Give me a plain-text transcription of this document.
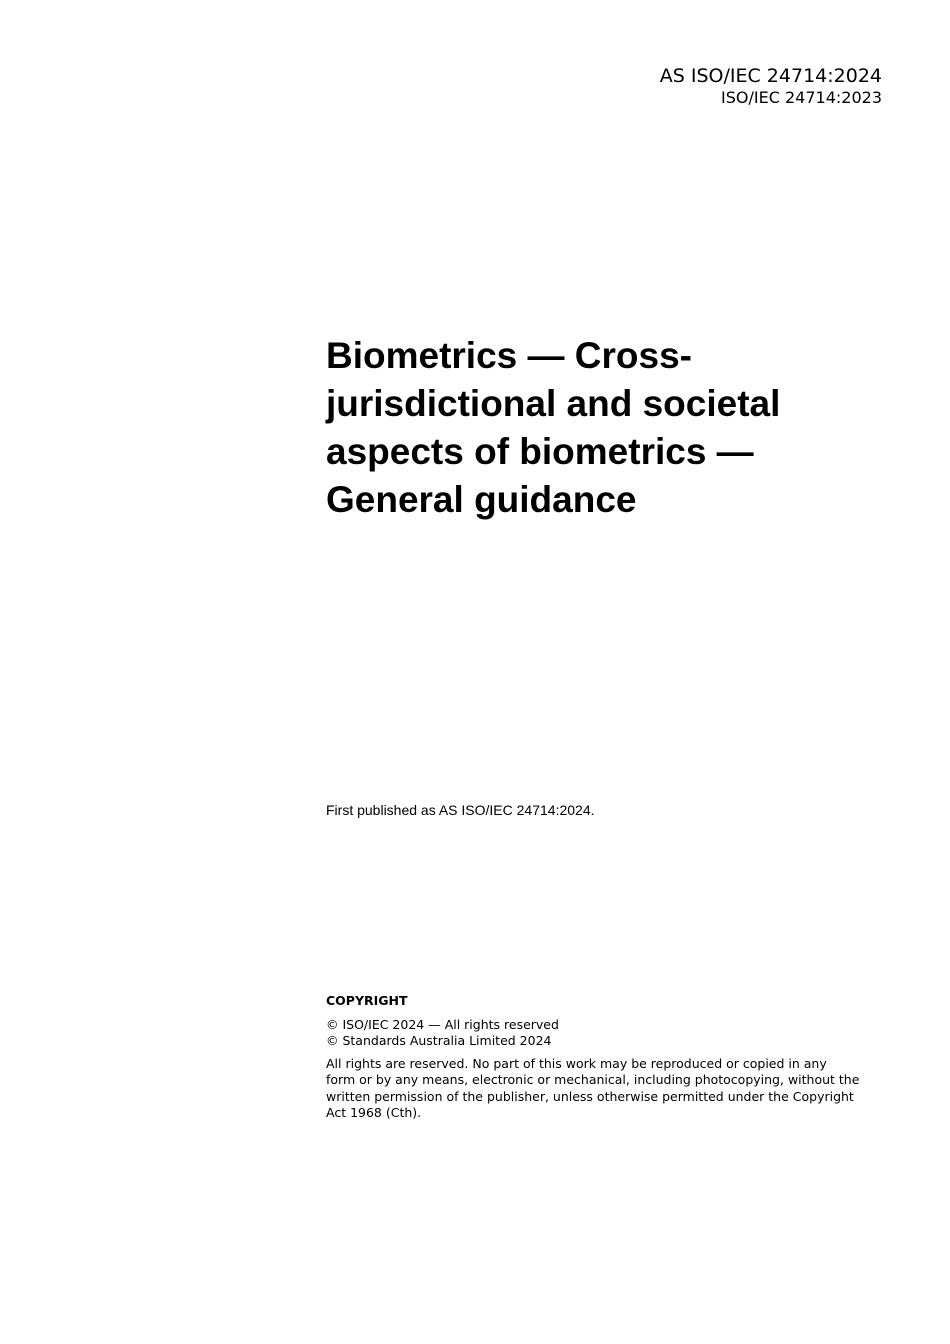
AS ISO/IEC 24714:2024
ISO/IEC 24714:2023
Biometrics — Cross-
jurisdictional and societal
aspects of biometrics —
General guidance

First published as AS ISO/IEC 24714:2024.

COPYRIGHT
© ISO/IEC 2024 — All rights reserved
© Standards Australia Limited 2024
All rights are reserved. No part of this work may be reproduced or copied in any
form or by any means, electronic or mechanical, including photocopying, without the
written permission of the publisher, unless otherwise permitted under the Copyright
Act 1968 (Cth).
